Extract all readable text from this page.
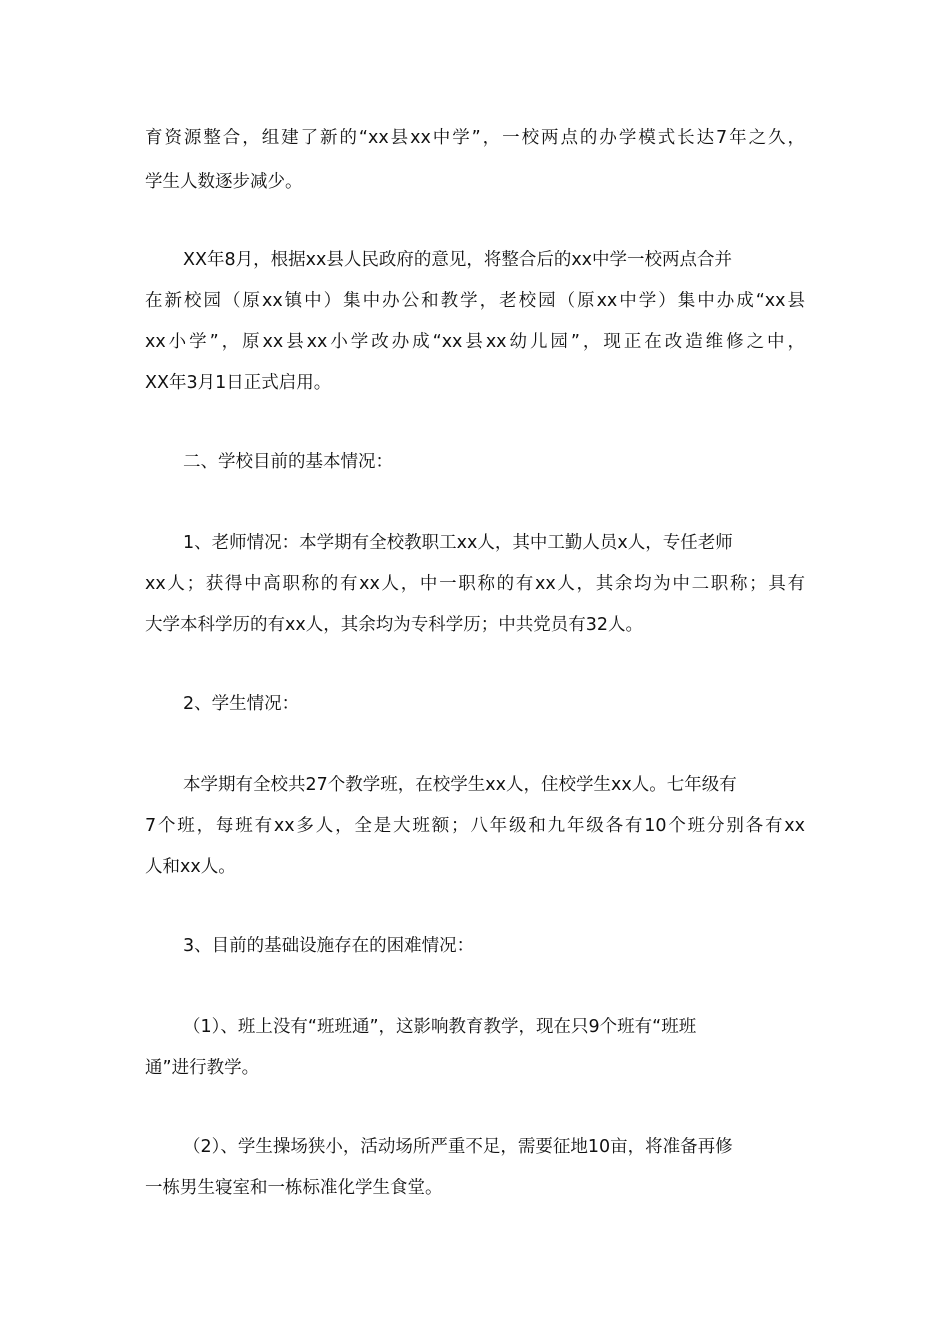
育资源整合，组建了新的“xx县xx中学”，一校两点的办学模式长达7年之久，
学生人数逐步减少。
XX年8月，根据xx县人民政府的意见，将整合后的xx中学一校两点合并
在新校园（原xx镇中）集中办公和教学，老校园（原xx中学）集中办成“xx县
xx小学”，原xx县xx小学改办成“xx县xx幼儿园”，现正在改造维修之中，
XX年3月1日正式启用。
二、学校目前的基本情况：
1、老师情况：本学期有全校教职工xx人，其中工勤人员x人，专任老师
xx人；获得中高职称的有xx人，中一职称的有xx人，其余均为中二职称；具有
大学本科学历的有xx人，其余均为专科学历；中共党员有32人。
2、学生情况：
本学期有全校共27个教学班，在校学生xx人，住校学生xx人。七年级有
7个班，每班有xx多人，全是大班额；八年级和九年级各有10个班分别各有xx
人和xx人。
3、目前的基础设施存在的困难情况：
（1）、班上没有“班班通”，这影响教育教学，现在只9个班有“班班
通”进行教学。
（2）、学生操场狭小，活动场所严重不足，需要征地10亩，将准备再修
一栋男生寝室和一栋标准化学生食堂。
